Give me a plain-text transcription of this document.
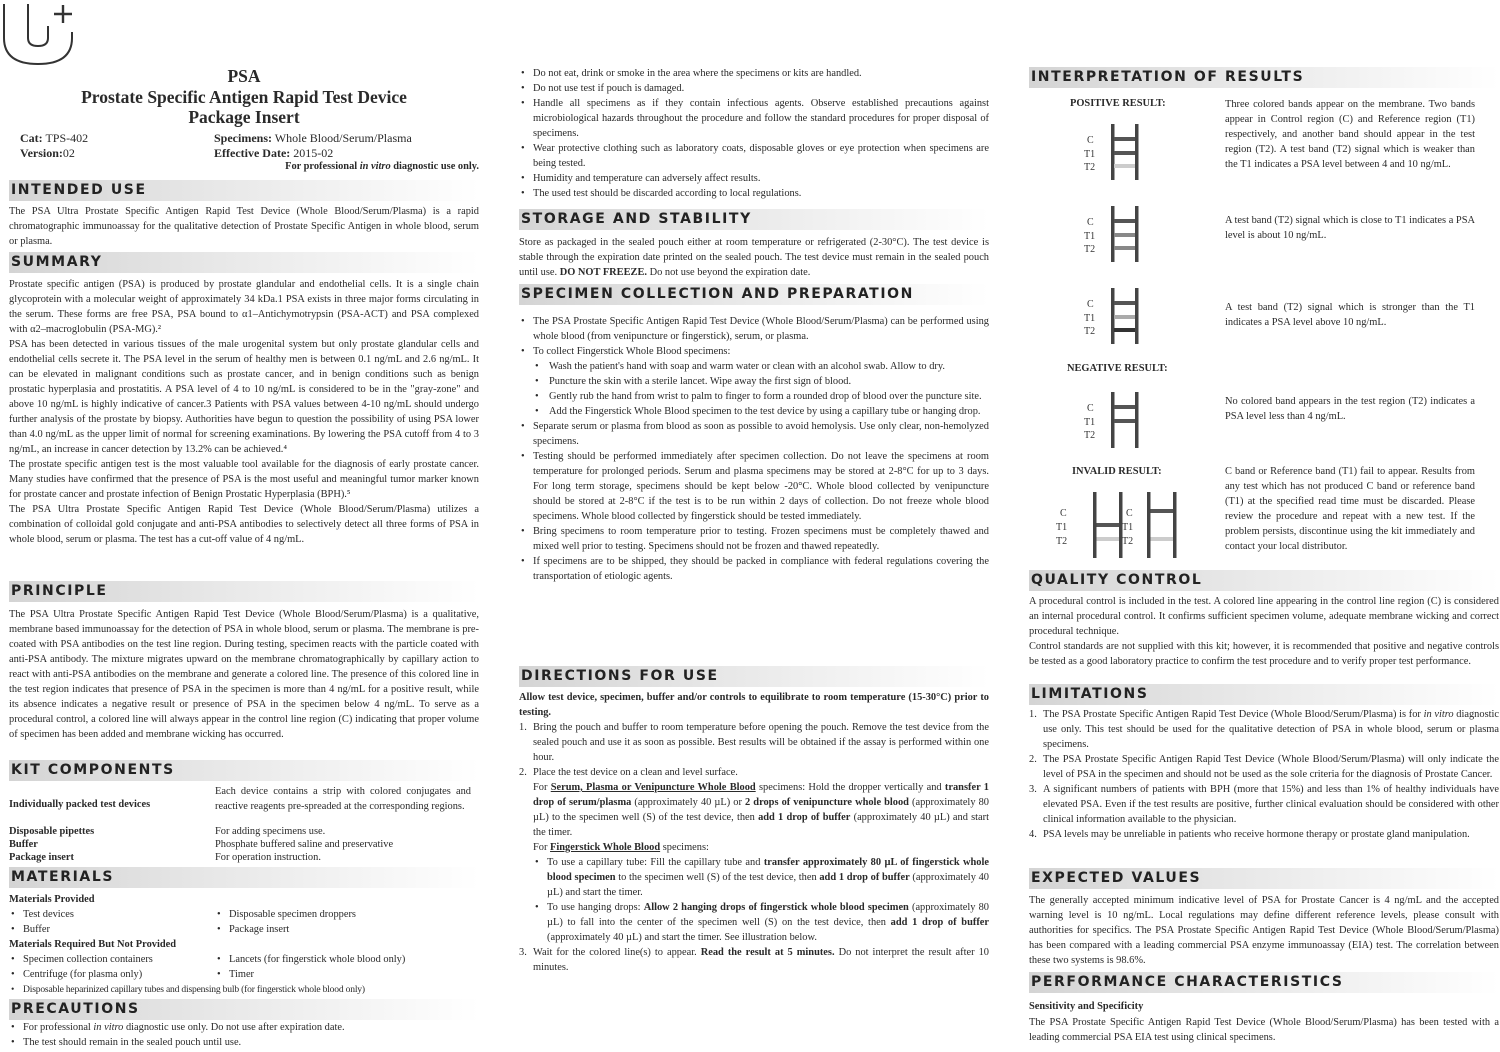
PSA
Prostate Specific Antigen Rapid Test Device
Package Insert
Cat: TPS-402
Version:02
Specimens: Whole Blood/Serum/Plasma
Effective Date: 2015-02
For professional in vitro diagnostic use only.
INTENDED USE
The PSA Ultra Prostate Specific Antigen Rapid Test Device (Whole Blood/Serum/Plasma) is a rapid chromatographic immunoassay for the qualitative detection of Prostate Specific Antigen in whole blood, serum or plasma.
SUMMARY

Prostate specific antigen (PSA) is produced by prostate glandular and endothelial cells. It is a single chain glycoprotein with a molecular weight of approximately 34 kDa.1 PSA exists in three major forms circulating in the serum. These forms are free PSA, PSA bound to α1–Antichymotrypsin (PSA-ACT) and PSA complexed with α2–macroglobulin (PSA-MG).²

PSA has been detected in various tissues of the male urogenital system but only prostate glandular cells and endothelial cells secrete it. The PSA level in the serum of healthy men is between 0.1 ng/mL and 2.6 ng/mL. It can be elevated in malignant conditions such as prostate cancer, and in benign conditions such as benign prostatic hyperplasia and prostatitis. A PSA level of 4 to 10 ng/mL is considered to be in the "gray-zone" and above 10 ng/mL is highly indicative of cancer.3 Patients with PSA values between 4-10 ng/mL should undergo further analysis of the prostate by biopsy. Authorities have begun to question the possibility of using PSA lower than 4.0 ng/mL as the upper limit of normal for screening examinations. By lowering the PSA cutoff from 4 to 3 ng/mL, an increase in cancer detection by 13.2% can be achieved.⁴

The prostate specific antigen test is the most valuable tool available for the diagnosis of early prostate cancer. Many studies have confirmed that the presence of PSA is the most useful and meaningful tumor marker known for prostate cancer and prostate infection of Benign Prostatic Hyperplasia (BPH).⁵

The PSA Ultra Prostate Specific Antigen Rapid Test Device (Whole Blood/Serum/Plasma) utilizes a combination of colloidal gold conjugate and anti-PSA antibodies to selectively detect all three forms of PSA in whole blood, serum or plasma. The test has a cut-off value of 4 ng/mL.

PRINCIPLE
The PSA Ultra Prostate Specific Antigen Rapid Test Device (Whole Blood/Serum/Plasma) is a qualitative, membrane based immunoassay for the detection of PSA in whole blood, serum or plasma. The membrane is pre-coated with PSA antibodies on the test line region. During testing, specimen reacts with the particle coated with anti-PSA antibody. The mixture migrates upward on the membrane chromatographically by capillary action to react with anti-PSA antibodies on the membrane and generate a colored line. The presence of this colored line in the test region indicates that presence of PSA in the specimen is more than 4 ng/mL for a positive result, while its absence indicates a negative result or presence of PSA in the specimen below 4 ng/mL. To serve as a procedural control, a colored line will always appear in the control line region (C) indicating that proper volume of specimen has been added and membrane wicking has occurred.
KIT COMPONENTS
Individually packed test devices
Each device contains a strip with colored conjugates and reactive reagents pre-spreaded at the corresponding regions.
Disposable pipettes	For adding specimens use.
Buffer	Phosphate buffered saline and preservative
Package insert	For operation instruction.
MATERIALS
Materials Provided
• Test devices
• Buffer
• Disposable specimen droppers
• Package insert
Materials Required But Not Provided
• Specimen collection containers
• Centrifuge (for plasma only)
• Lancets (for fingerstick whole blood only)
• Timer
• Disposable heparinized capillary tubes and dispensing bulb (for fingerstick whole blood only)
PRECAUTIONS
• For professional in vitro diagnostic use only. Do not use after expiration date.
• The test should remain in the sealed pouch until use.
• Do not eat, drink or smoke in the area where the specimens or kits are handled.
• Do not use test if pouch is damaged.
• Handle all specimens as if they contain infectious agents. Observe established precautions against microbiological hazards throughout the procedure and follow the standard procedures for proper disposal of specimens.
• Wear protective clothing such as laboratory coats, disposable gloves or eye protection when specimens are being tested.
• Humidity and temperature can adversely affect results.
• The used test should be discarded according to local regulations.
STORAGE AND STABILITY
Store as packaged in the sealed pouch either at room temperature or refrigerated (2-30°C). The test device is stable through the expiration date printed on the sealed pouch. The test device must remain in the sealed pouch until use. DO NOT FREEZE. Do not use beyond the expiration date.
SPECIMEN COLLECTION AND PREPARATION
• The PSA Prostate Specific Antigen Rapid Test Device (Whole Blood/Serum/Plasma) can be performed using whole blood (from venipuncture or fingerstick), serum, or plasma.
• To collect Fingerstick Whole Blood specimens:
• Wash the patient's hand with soap and warm water or clean with an alcohol swab. Allow to dry.
• Puncture the skin with a sterile lancet. Wipe away the first sign of blood.
• Gently rub the hand from wrist to palm to finger to form a rounded drop of blood over the puncture site.
• Add the Fingerstick Whole Blood specimen to the test device by using a capillary tube or hanging drop.
• Separate serum or plasma from blood as soon as possible to avoid hemolysis. Use only clear, non-hemolyzed specimens.
• Testing should be performed immediately after specimen collection. Do not leave the specimens at room temperature for prolonged periods. Serum and plasma specimens may be stored at 2-8°C for up to 3 days. For long term storage, specimens should be kept below -20°C. Whole blood collected by venipuncture should be stored at 2-8°C if the test is to be run within 2 days of collection. Do not freeze whole blood specimens. Whole blood collected by fingerstick should be tested immediately.
• Bring specimens to room temperature prior to testing. Frozen specimens must be completely thawed and mixed well prior to testing. Specimens should not be frozen and thawed repeatedly.
• If specimens are to be shipped, they should be packed in compliance with federal regulations covering the transportation of etiologic agents.
DIRECTIONS FOR USE
Allow test device, specimen, buffer and/or controls to equilibrate to room temperature (15-30°C) prior to testing.
1. Bring the pouch and buffer to room temperature before opening the pouch. Remove the test device from the sealed pouch and use it as soon as possible. Best results will be obtained if the assay is performed within one hour.
2. Place the test device on a clean and level surface.
For Serum, Plasma or Venipuncture Whole Blood specimens: Hold the dropper vertically and transfer 1 drop of serum/plasma (approximately 40 µL) or 2 drops of venipuncture whole blood (approximately 80 µL) to the specimen well (S) of the test device, then add 1 drop of buffer (approximately 40 µL) and start the timer.
For Fingerstick Whole Blood specimens:
• To use a capillary tube: Fill the capillary tube and transfer approximately 80 µL of fingerstick whole blood specimen to the specimen well (S) of the test device, then add 1 drop of buffer (approximately 40 µL) and start the timer.
• To use hanging drops: Allow 2 hanging drops of fingerstick whole blood specimen (approximately 80 µL) to fall into the center of the specimen well (S) on the test device, then add 1 drop of buffer (approximately 40 µL) and start the timer. See illustration below.
3. Wait for the colored line(s) to appear. Read the result at 5 minutes. Do not interpret the result after 10 minutes.
INTERPRETATION OF RESULTS
POSITIVE RESULT:	Three colored bands appear on the membrane. Two bands appear in Control region (C) and Reference region (T1) respectively, and another band should appear in the test region (T2). A test band (T2) signal which is weaker than the T1 indicates a PSA level between 4 and 10 ng/mL.
A test band (T2) signal which is close to T1 indicates a PSA level is about 10 ng/mL.
A test band (T2) signal which is stronger than the T1 indicates a PSA level above 10 ng/mL.
NEGATIVE RESULT:
No colored band appears in the test region (T2) indicates a PSA level less than 4 ng/mL.
INVALID RESULT:	C band or Reference band (T1) fail to appear. Results from any test which has not produced C band or reference band (T1) at the specified read time must be discarded. Please review the procedure and repeat with a new test. If the problem persists, discontinue using the kit immediately and contact your local distributor.
C
T1
T2
C
T1
T2
C
T1
T2
C
T1
T2
C
T1
T2
C
T1
T2
QUALITY CONTROL

A procedural control is included in the test. A colored line appearing in the control line region (C) is considered an internal procedural control. It confirms sufficient specimen volume, adequate membrane wicking and correct procedural technique.

Control standards are not supplied with this kit; however, it is recommended that positive and negative controls be tested as a good laboratory practice to confirm the test procedure and to verify proper test performance.

LIMITATIONS
1. The PSA Prostate Specific Antigen Rapid Test Device (Whole Blood/Serum/Plasma) is for in vitro diagnostic use only. This test should be used for the qualitative detection of PSA in whole blood, serum or plasma specimens.
2. The PSA Prostate Specific Antigen Rapid Test Device (Whole Blood/Serum/Plasma) will only indicate the level of PSA in the specimen and should not be used as the sole criteria for the diagnosis of Prostate Cancer.
3. A significant numbers of patients with BPH (more that 15%) and less than 1% of healthy individuals have elevated PSA. Even if the test results are positive, further clinical evaluation should be considered with other clinical information available to the physician.
4. PSA levels may be unreliable in patients who receive hormone therapy or prostate gland manipulation.
EXPECTED VALUES
The generally accepted minimum indicative level of PSA for Prostate Cancer is 4 ng/mL and the accepted warning level is 10 ng/mL. Local regulations may define different reference levels, please consult with authorities for specifics. The PSA Prostate Specific Antigen Rapid Test Device (Whole Blood/Serum/Plasma) has been compared with a leading commercial PSA enzyme immunoassay (EIA) test. The correlation between these two systems is 98.6%.
PERFORMANCE CHARACTERISTICS
Sensitivity and Specificity
The PSA Prostate Specific Antigen Rapid Test Device (Whole Blood/Serum/Plasma) has been tested with a leading commercial PSA EIA test using clinical specimens.
